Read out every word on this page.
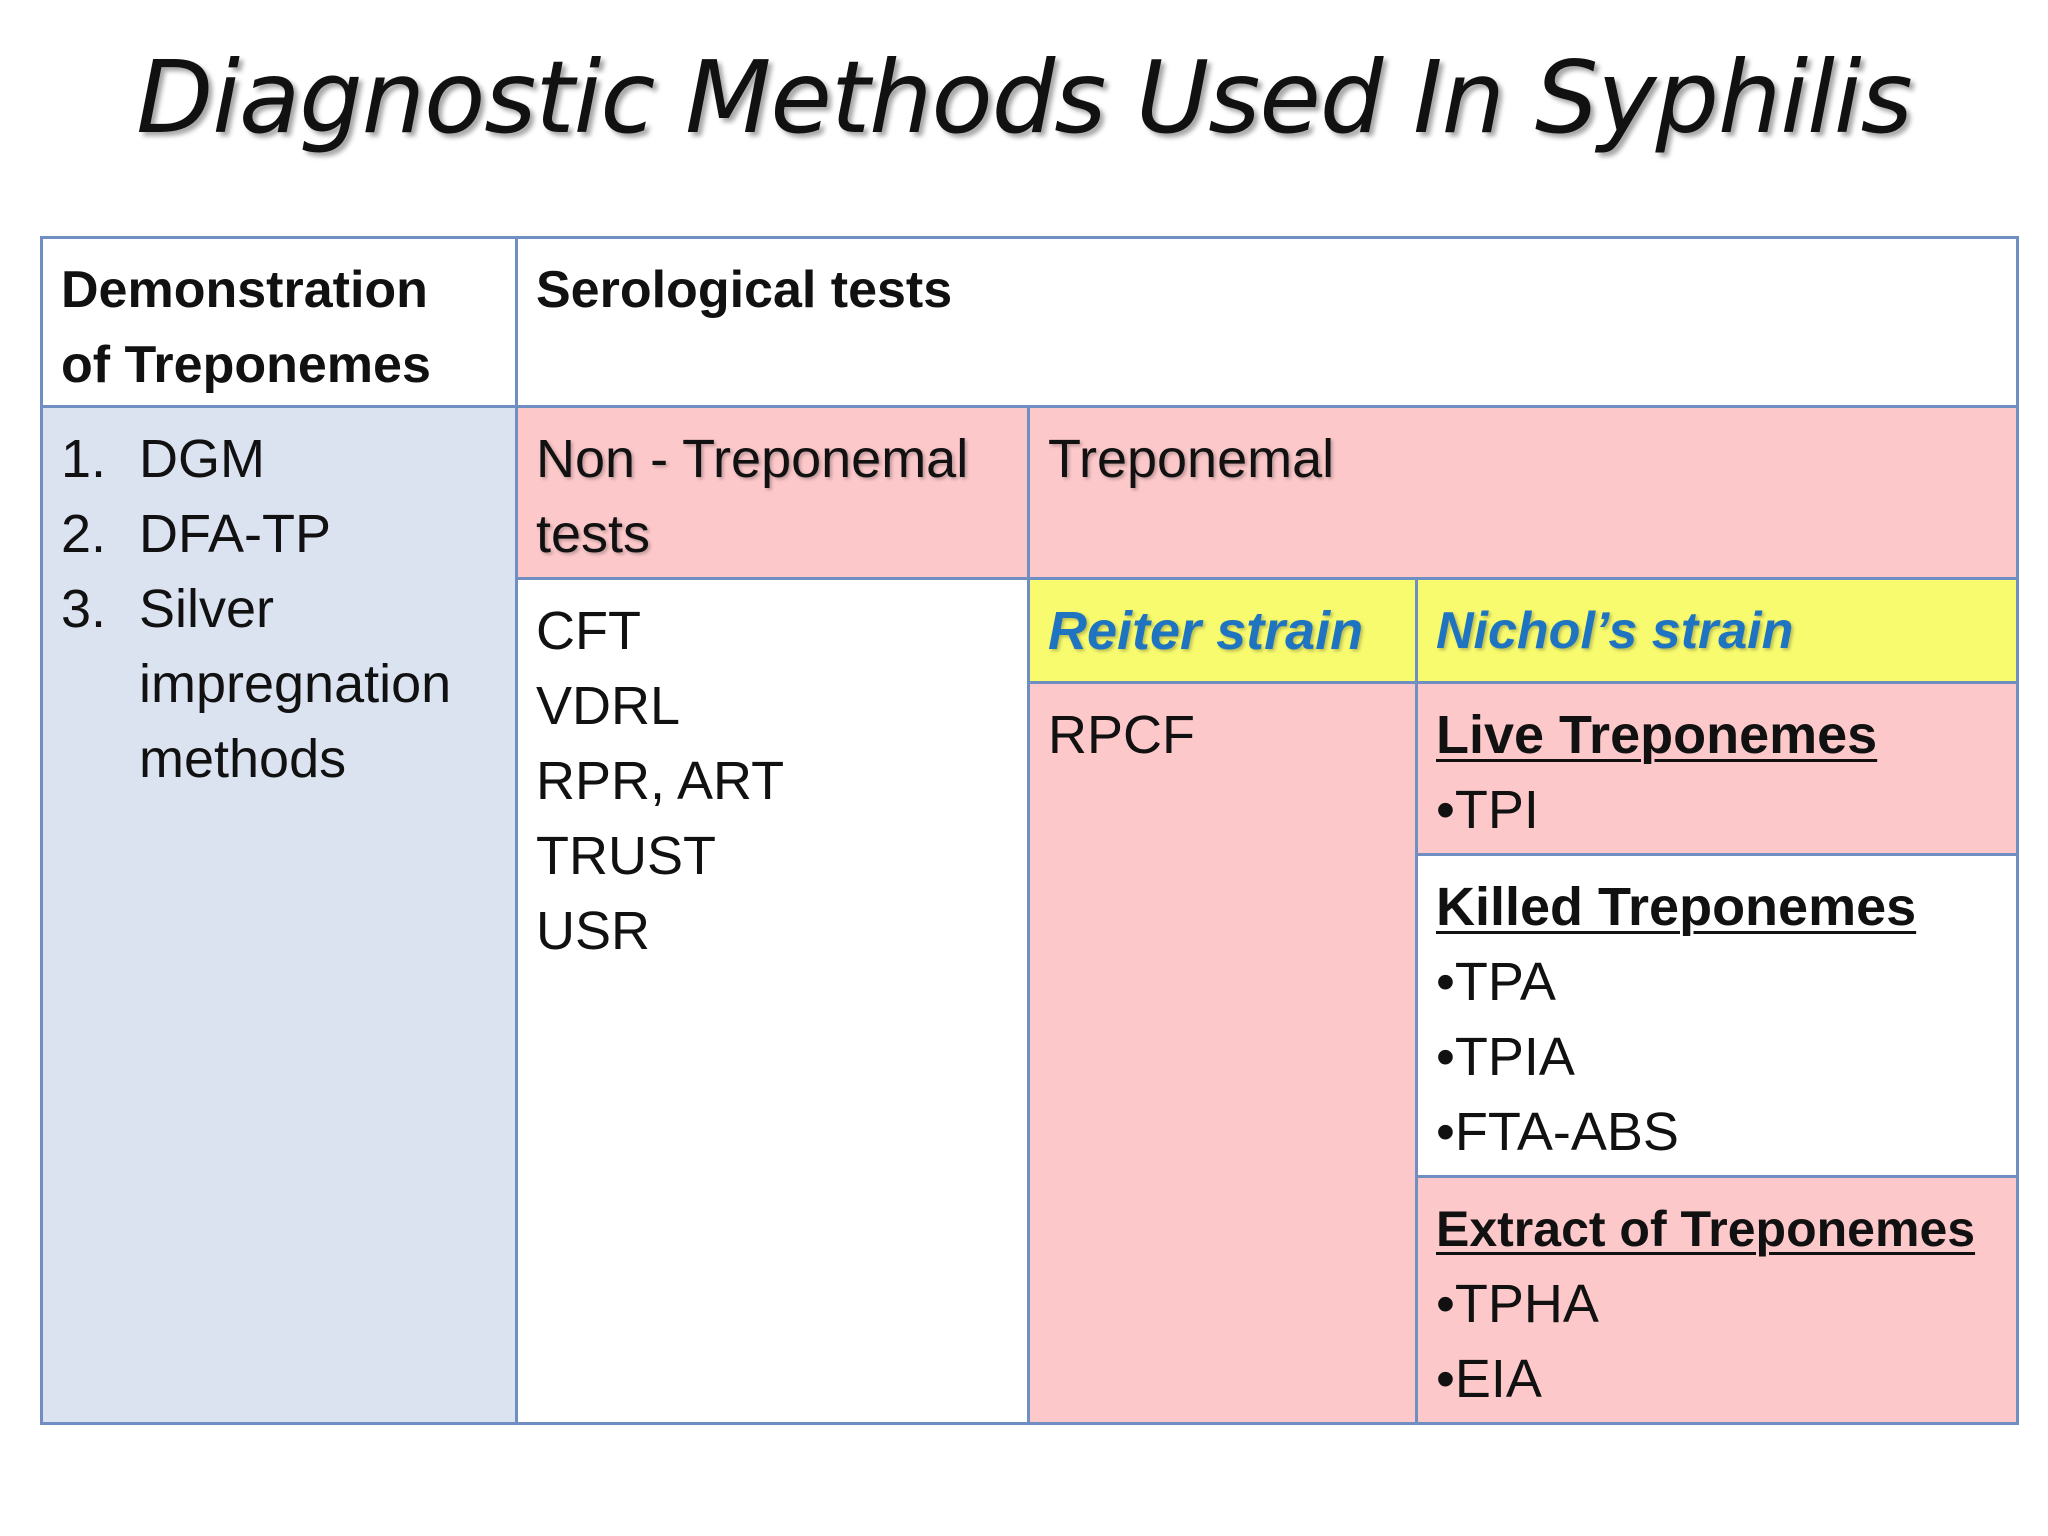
Diagnostic Methods Used In Syphilis
Demonstration
of Treponemes
Serological tests
1. DGM
2. DFA-TP
3. Silver
impregnation
methods
Non - Treponemal
tests
Treponemal
CFT
VDRL
RPR, ART
TRUST
USR
Reiter strain	Nichol’s strain
RPCF	Live Treponemes
•TPI
Killed Treponemes
•TPA
•TPIA
•FTA-ABS
Extract of Treponemes
•TPHA
•EIA
